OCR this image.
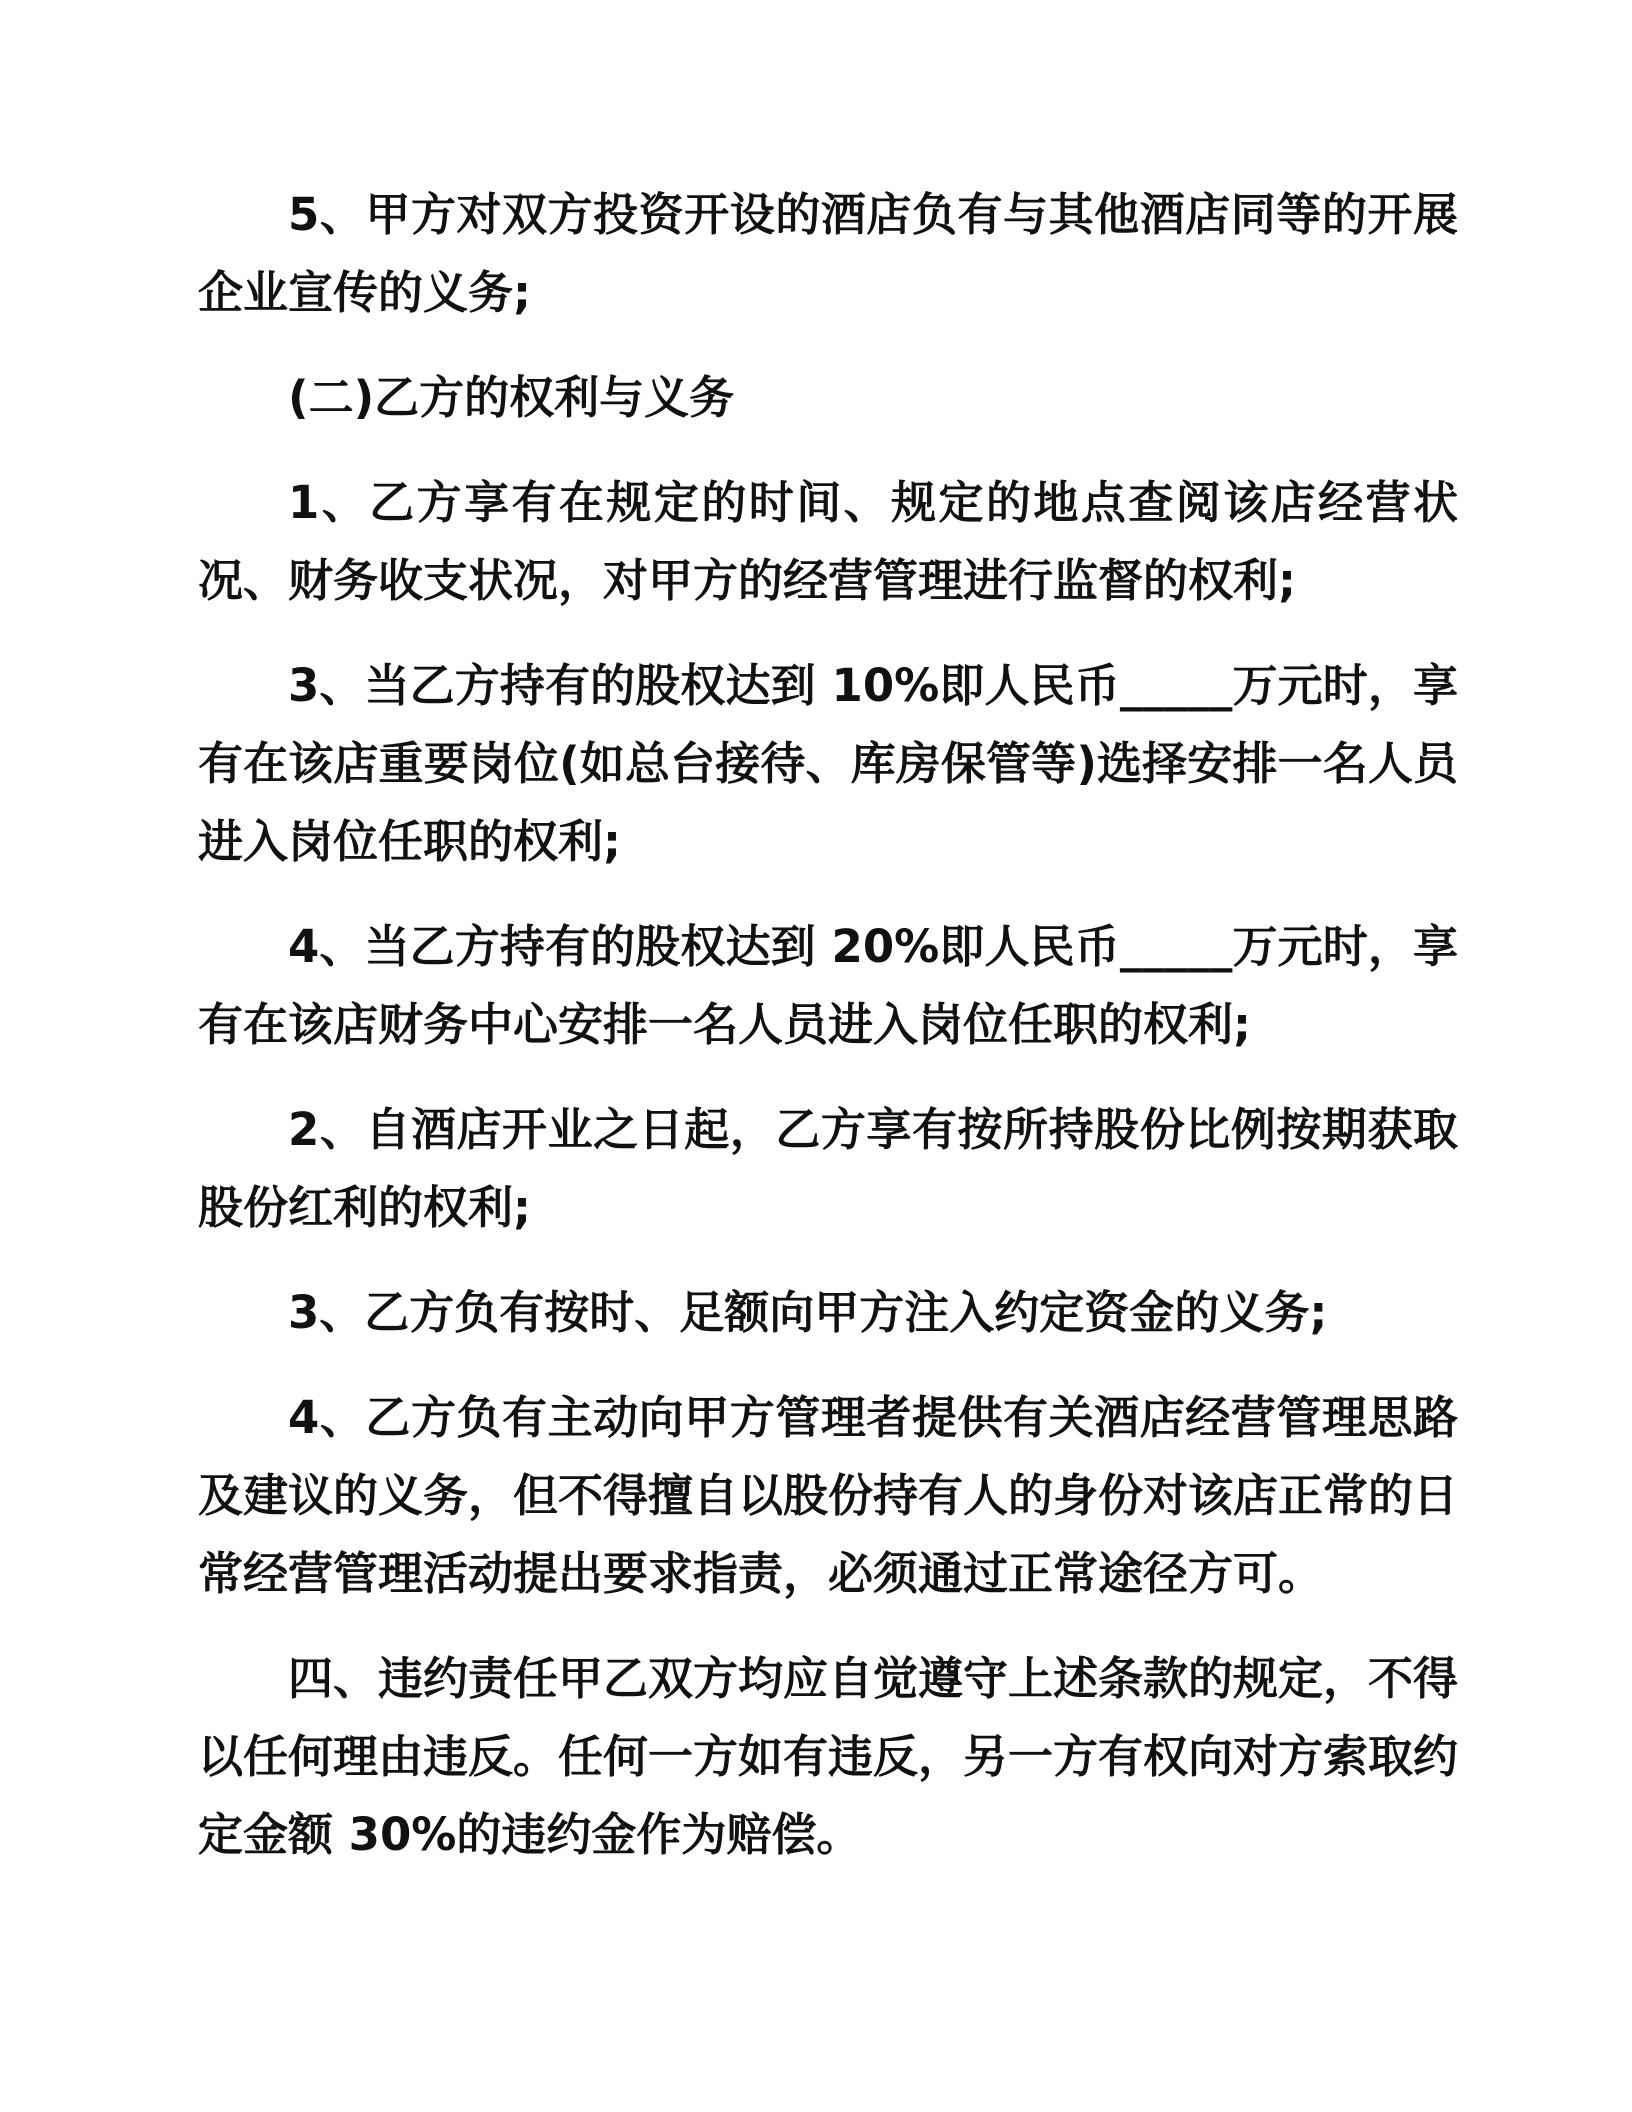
5、甲方对双方投资开设的酒店负有与其他酒店同等的开展企业宣传的义务;

(二)乙方的权利与义务

1、乙方享有在规定的时间、规定的地点查阅该店经营状况、财务收支状况，对甲方的经营管理进行监督的权利;

3、当乙方持有的股权达到 10%即人民币_____万元时，享有在该店重要岗位(如总台接待、库房保管等)选择安排一名人员进入岗位任职的权利;

4、当乙方持有的股权达到 20%即人民币_____万元时，享有在该店财务中心安排一名人员进入岗位任职的权利;

2、自酒店开业之日起，乙方享有按所持股份比例按期获取股份红利的权利;

3、乙方负有按时、足额向甲方注入约定资金的义务;

4、乙方负有主动向甲方管理者提供有关酒店经营管理思路及建议的义务，但不得擅自以股份持有人的身份对该店正常的日常经营管理活动提出要求指责，必须通过正常途径方可。

四、违约责任甲乙双方均应自觉遵守上述条款的规定，不得以任何理由违反。任何一方如有违反，另一方有权向对方索取约定金额 30%的违约金作为赔偿。
